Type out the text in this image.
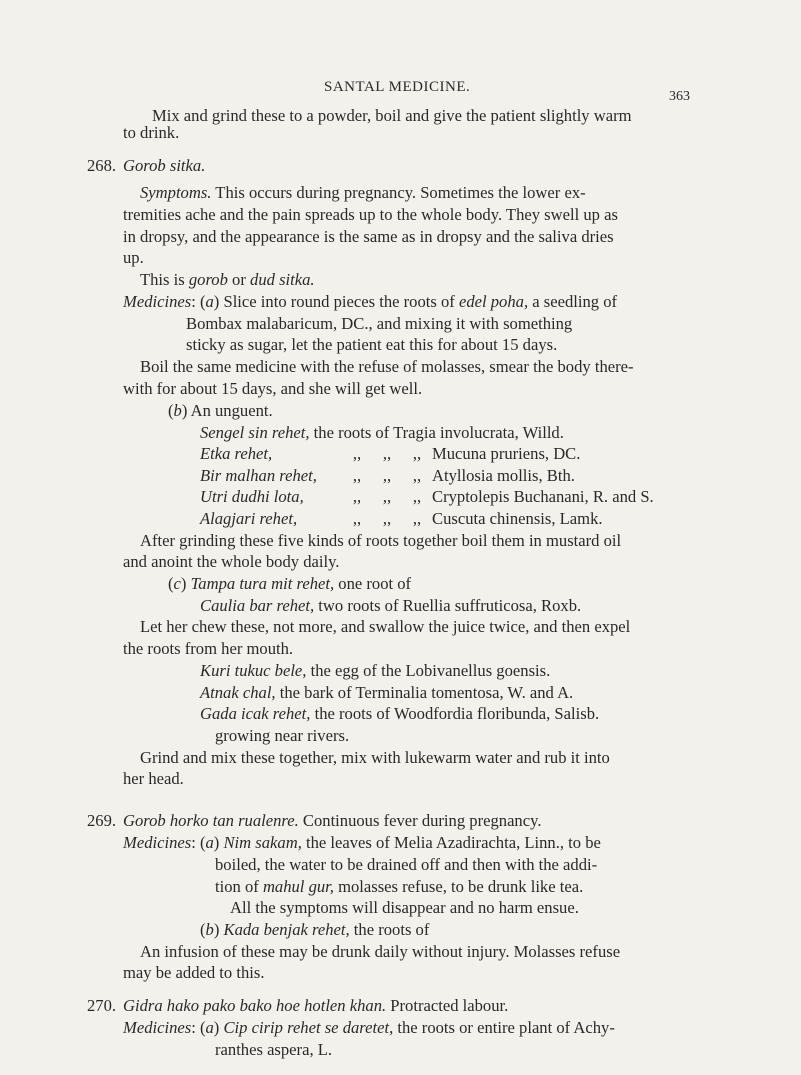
SANTAL MEDICINE.
363
Mix and grind these to a powder, boil and give the patient slightly warm
to drink.
268. Gorob sitka.
Symptoms. This occurs during pregnancy. Sometimes the lower ex-
tremities ache and the pain spreads up to the whole body. They swell up as
in dropsy, and the appearance is the same as in dropsy and the saliva dries
up.
This is gorob or dud sitka.
Medicines: (a) Slice into round pieces the roots of edel poha, a seedling of
Bombax malabaricum, DC., and mixing it with something
sticky as sugar, let the patient eat this for about 15 days.
Boil the same medicine with the refuse of molasses, smear the body there-
with for about 15 days, and she will get well.
(b) An unguent.
Sengel sin rehet, the roots of Tragia involucrata, Willd.
Etka rehet,	,, ,, ,, Mucuna pruriens, DC.
Bir malhan rehet,	,, ,, ,, Atyllosia mollis, Bth.
Utri dudhi lota,	,, ,, ,, Cryptolepis Buchanani, R. and S.
Alagjari rehet,	,, ,, ,, Cuscuta chinensis, Lamk.
After grinding these five kinds of roots together boil them in mustard oil
and anoint the whole body daily.
(c) Tampa tura mit rehet, one root of
Caulia bar rehet, two roots of Ruellia suffruticosa, Roxb.
Let her chew these, not more, and swallow the juice twice, and then expel
the roots from her mouth.
Kuri tukuc bele, the egg of the Lobivanellus goensis.
Atnak chal, the bark of Terminalia tomentosa, W. and A.
Gada icak rehet, the roots of Woodfordia floribunda, Salisb.
growing near rivers.
Grind and mix these together, mix with lukewarm water and rub it into
her head.
269. Gorob horko tan rualenre. Continuous fever during pregnancy.
Medicines: (a) Nim sakam, the leaves of Melia Azadirachta, Linn., to be
boiled, the water to be drained off and then with the addi-
tion of mahul gur, molasses refuse, to be drunk like tea.
All the symptoms will disappear and no harm ensue.
(b) Kada benjak rehet, the roots of
An infusion of these may be drunk daily without injury. Molasses refuse
may be added to this.
270. Gidra hako pako bako hoe hotlen khan. Protracted labour.
Medicines: (a) Cip cirip rehet se daretet, the roots or entire plant of Achy-
ranthes aspera, L.
